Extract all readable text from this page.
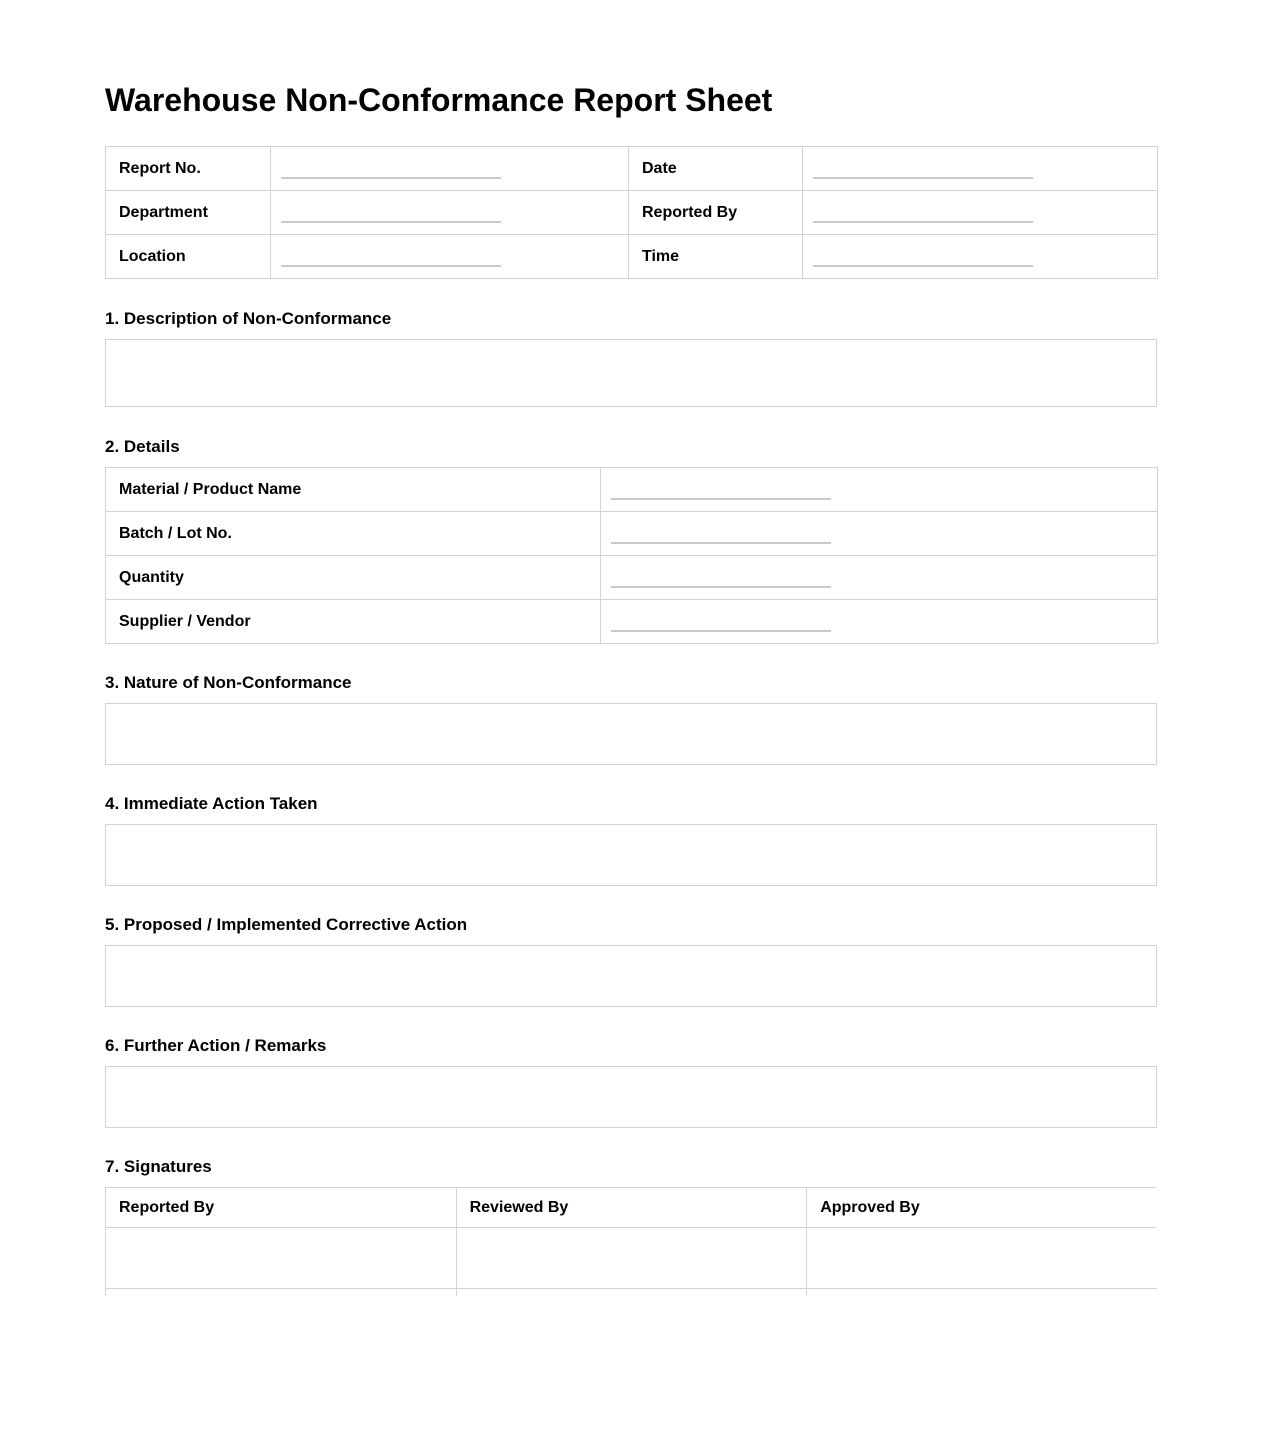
Warehouse Non-Conformance Report Sheet
Report No.		Date	

Department		Reported By	

Location		Time	
1. Description of Non-Conformance
2. Details
Material / Product Name	

Batch / Lot No.	

Quantity	

Supplier / Vendor	
3. Nature of Non-Conformance
4. Immediate Action Taken
5. Proposed / Implemented Corrective Action
6. Further Action / Remarks
7. Signatures
Reported By	Reviewed By	Approved By
